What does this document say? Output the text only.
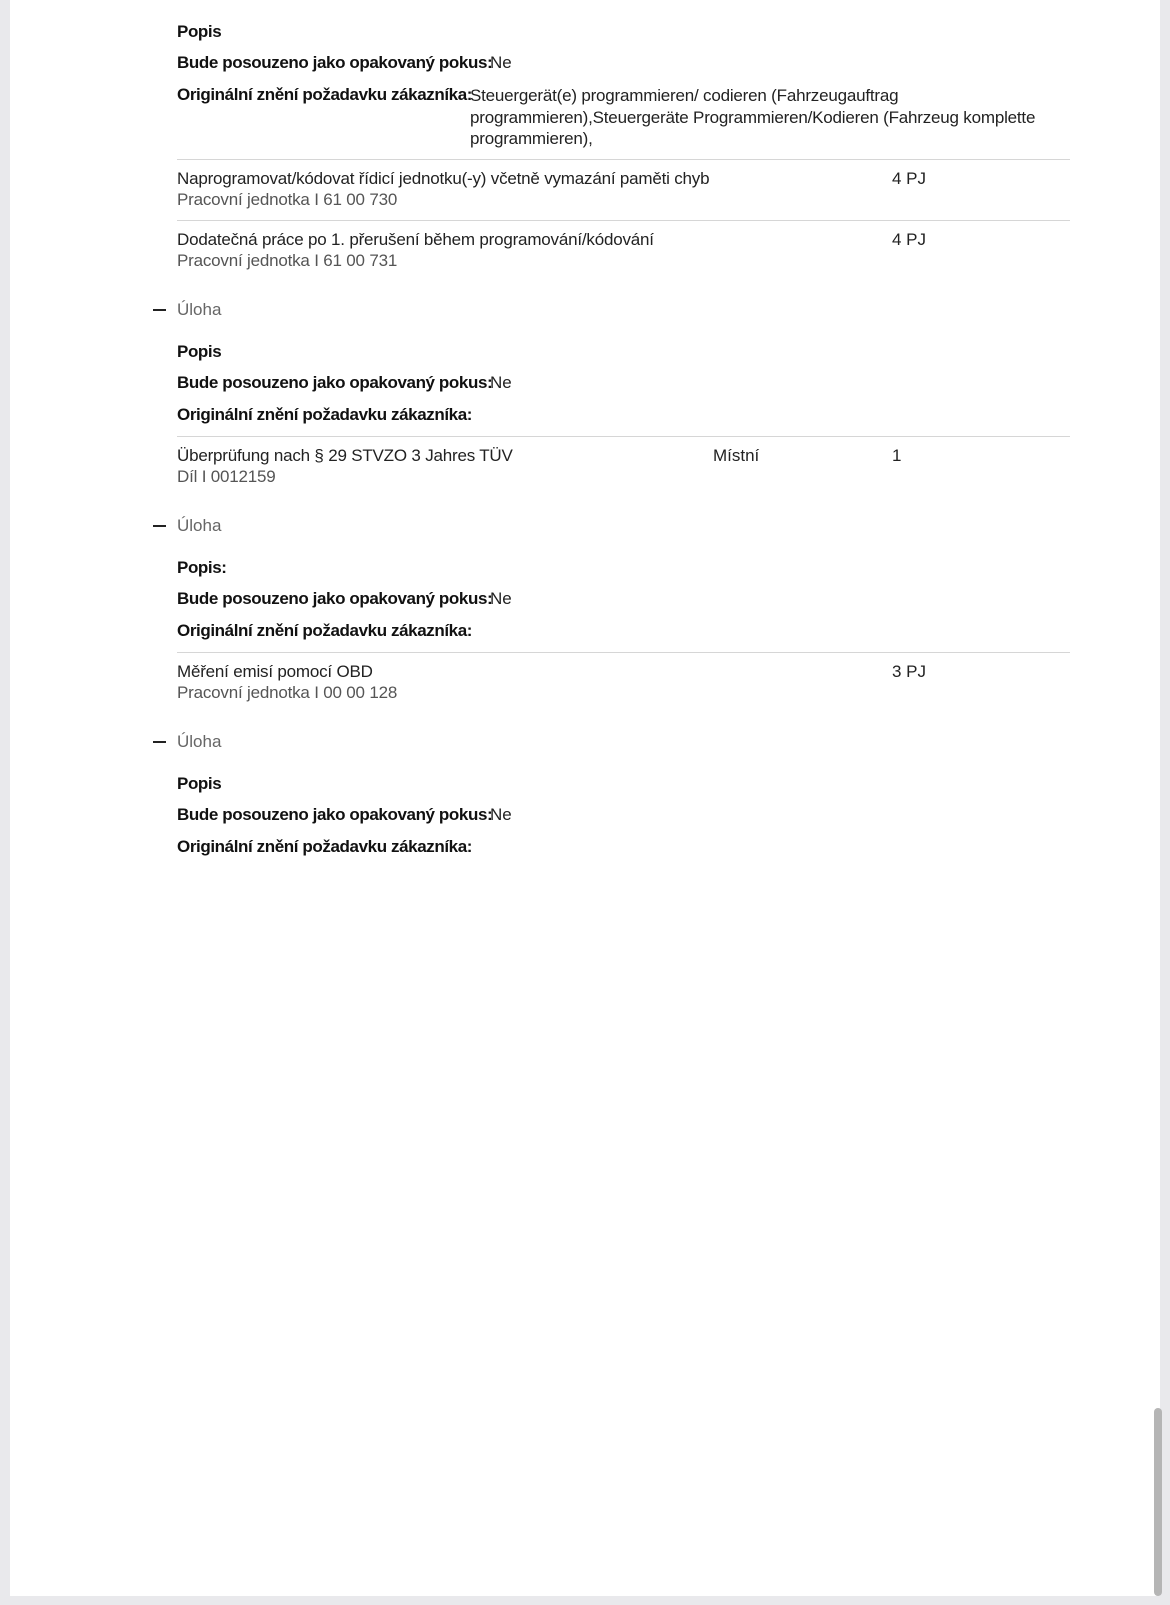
Popis
Bude posouzeno jako opakovaný pokus:
Ne
Originální znění požadavku zákazníka:
Steuergerät(e) programmieren/ codieren (Fahrzeugauftrag programmieren),Steuergeräte Programmieren/Kodieren (Fahrzeug komplette programmieren),
Naprogramovat/kódovat řídicí jednotku(-y) včetně vymazání paměti chyb
Pracovní jednotka I 61 00 730
4 PJ
Dodatečná práce po 1. přerušení během programování/kódování
Pracovní jednotka I 61 00 731
4 PJ
Úloha
Popis
Bude posouzeno jako opakovaný pokus:
Ne
Originální znění požadavku zákazníka:
Überprüfung nach § 29 STVZO 3 Jahres TÜV
Díl I 0012159
Místní	1
Úloha
Popis:
Bude posouzeno jako opakovaný pokus:
Ne
Originální znění požadavku zákazníka:
Měření emisí pomocí OBD
Pracovní jednotka I 00 00 128
3 PJ
Úloha
Popis
Bude posouzeno jako opakovaný pokus:
Ne
Originální znění požadavku zákazníka:
